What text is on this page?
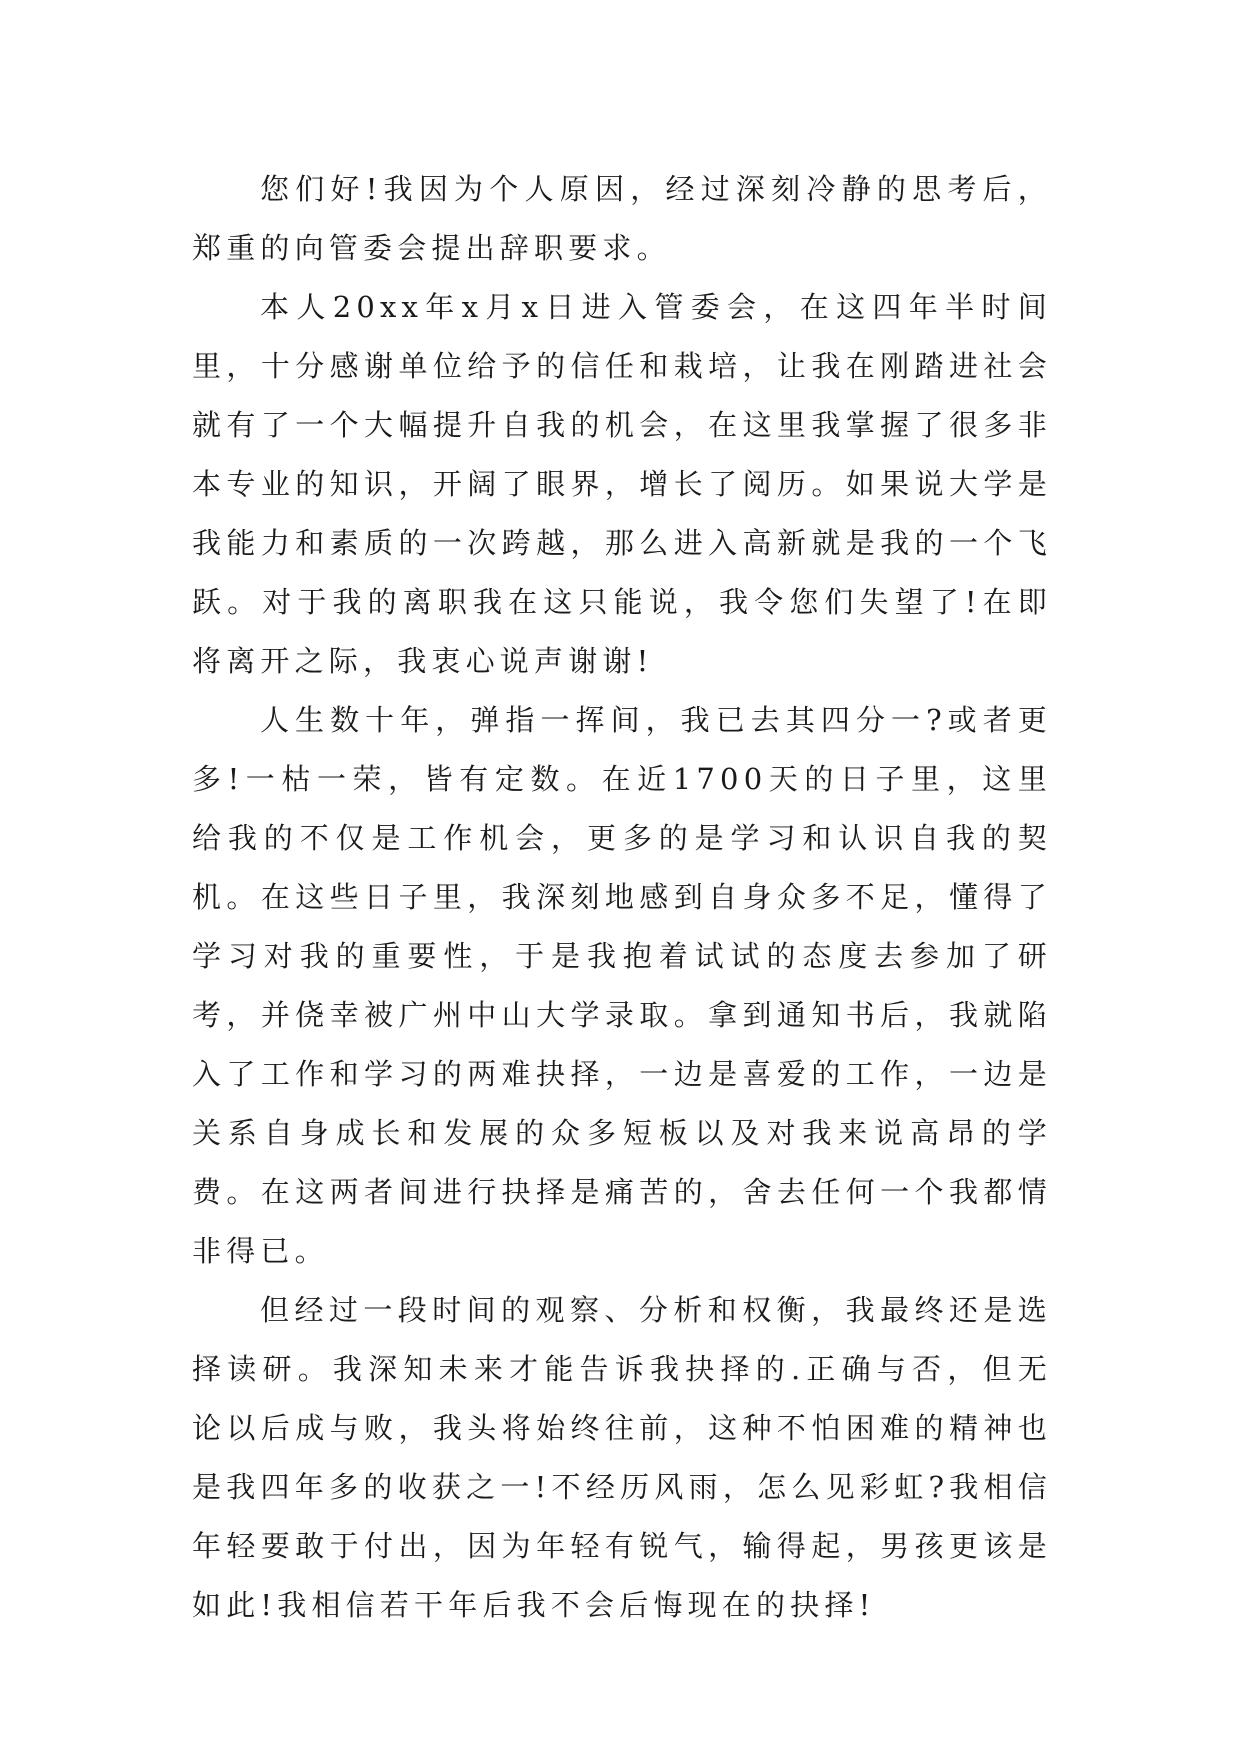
您们好!我因为个人原因，经过深刻冷静的思考后，郑重的向管委会提出辞职要求。

本人20xx年x月x日进入管委会，在这四年半时间里，十分感谢单位给予的信任和栽培，让我在刚踏进社会就有了一个大幅提升自我的机会，在这里我掌握了很多非本专业的知识，开阔了眼界，增长了阅历。如果说大学是我能力和素质的一次跨越，那么进入高新就是我的一个飞跃。对于我的离职我在这只能说，我令您们失望了!在即将离开之际，我衷心说声谢谢!

人生数十年，弹指一挥间，我已去其四分一?或者更多!一枯一荣，皆有定数。在近1700天的日子里，这里给我的不仅是工作机会，更多的是学习和认识自我的契机。在这些日子里，我深刻地感到自身众多不足，懂得了学习对我的重要性，于是我抱着试试的态度去参加了研考，并侥幸被广州中山大学录取。拿到通知书后，我就陷入了工作和学习的两难抉择，一边是喜爱的工作，一边是关系自身成长和发展的众多短板以及对我来说高昂的学费。在这两者间进行抉择是痛苦的，舍去任何一个我都情非得已。

但经过一段时间的观察、分析和权衡，我最终还是选择读研。我深知未来才能告诉我抉择的.正确与否，但无论以后成与败，我头将始终往前，这种不怕困难的精神也是我四年多的收获之一!不经历风雨，怎么见彩虹?我相信年轻要敢于付出，因为年轻有锐气，输得起，男孩更该是如此!我相信若干年后我不会后悔现在的抉择!
